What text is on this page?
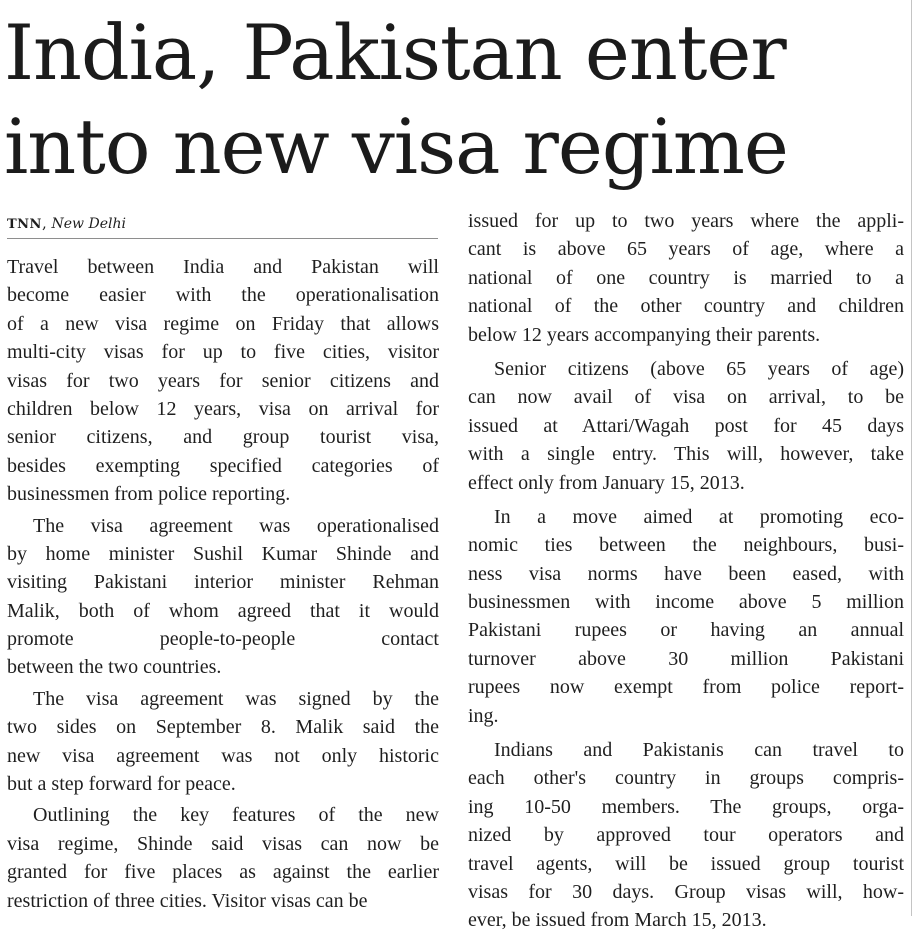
India, Pakistan enter
into new visa regime
TNN, New Delhi
Travel between India and Pakistan will
become easier with the operationalisation
of a new visa regime on Friday that allows
multi-city visas for up to five cities, visitor
visas for two years for senior citizens and
children below 12 years, visa on arrival for
senior citizens, and group tourist visa,
besides exempting specified categories of
businessmen from police reporting.
The visa agreement was operationalised
by home minister Sushil Kumar Shinde and
visiting Pakistani interior minister Rehman
Malik, both of whom agreed that it would
promote people-to-people contact
between the two countries.
The visa agreement was signed by the
two sides on September 8. Malik said the
new visa agreement was not only historic
but a step forward for peace.
Outlining the key features of the new
visa regime, Shinde said visas can now be
granted for five places as against the earlier
restriction of three cities. Visitor visas can be
issued for up to two years where the appli-
cant is above 65 years of age, where a
national of one country is married to a
national of the other country and children
below 12 years accompanying their parents.
Senior citizens (above 65 years of age)
can now avail of visa on arrival, to be
issued at Attari/Wagah post for 45 days
with a single entry. This will, however, take
effect only from January 15, 2013.
In a move aimed at promoting eco-
nomic ties between the neighbours, busi-
ness visa norms have been eased, with
businessmen with income above 5 million
Pakistani rupees or having an annual
turnover above 30 million Pakistani
rupees now exempt from police report-
ing.
Indians and Pakistanis can travel to
each other's country in groups compris-
ing 10-50 members. The groups, orga-
nized by approved tour operators and
travel agents, will be issued group tourist
visas for 30 days. Group visas will, how-
ever, be issued from March 15, 2013.
